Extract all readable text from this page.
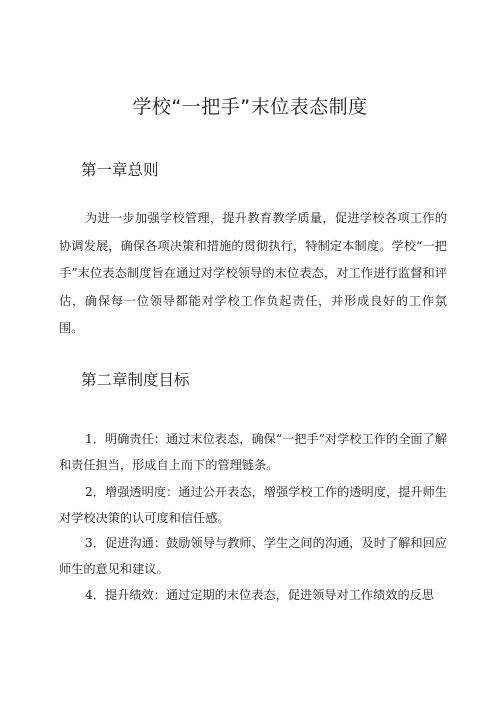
学校“一把手”末位表态制度
第一章总则
为进一步加强学校管理，提升教育教学质量，促进学校各项工作的协调发展，确保各项决策和措施的贯彻执行，特制定本制度。学校“一把手”末位表态制度旨在通过对学校领导的末位表态，对工作进行监督和评估，确保每一位领导都能对学校工作负起责任，并形成良好的工作氛围。
第二章制度目标
1．明确责任：通过末位表态，确保“一把手”对学校工作的全面了解和责任担当，形成自上而下的管理链条。
2．增强透明度：通过公开表态，增强学校工作的透明度，提升师生对学校决策的认可度和信任感。
3．促进沟通：鼓励领导与教师、学生之间的沟通，及时了解和回应师生的意见和建议。
4．提升绩效：通过定期的末位表态，促进领导对工作绩效的反思
